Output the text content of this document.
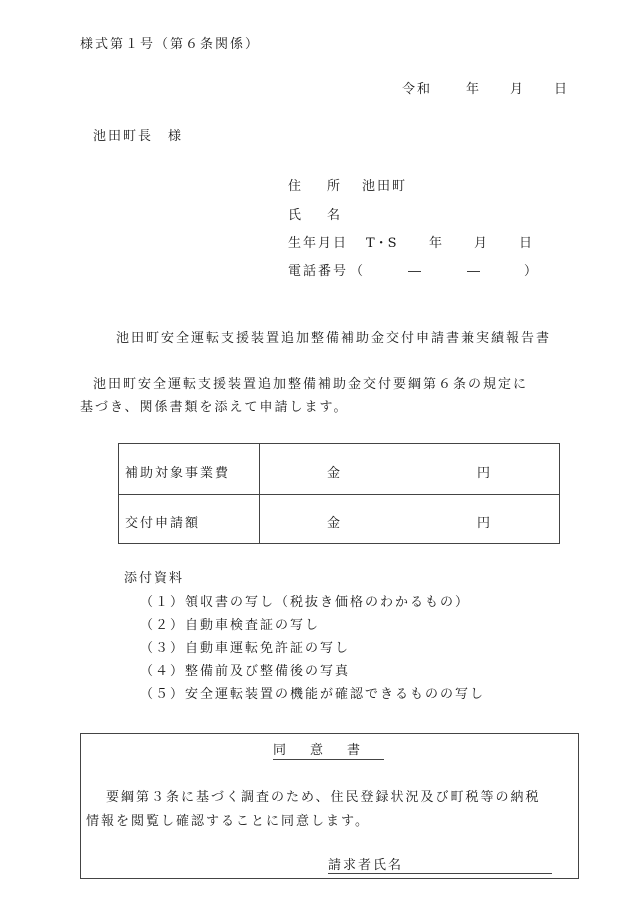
様式第１号（第６条関係）
令和	年 月 日
池田町長　様
住　　所 池田町
氏　　名
生年月日 T・S 年 月 日
電話番号 （	―	―	）
池田町安全運転支援装置追加整備補助金交付申請書兼実績報告書
池田町安全運転支援装置追加整備補助金交付要綱第６条の規定に
基づき、関係書類を添えて申請します。
補助対象事業費	金	円
交付申請額	金	円
添付資料
（１）領収書の写し（税抜き価格のわかるもの）
（２）自動車検査証の写し
（３）自動車運転免許証の写し
（４）整備前及び整備後の写真
（５）安全運転装置の機能が確認できるものの写し
同意書
要綱第３条に基づく調査のため、住民登録状況及び町税等の納税
情報を閲覧し確認することに同意します。
請求者氏名
